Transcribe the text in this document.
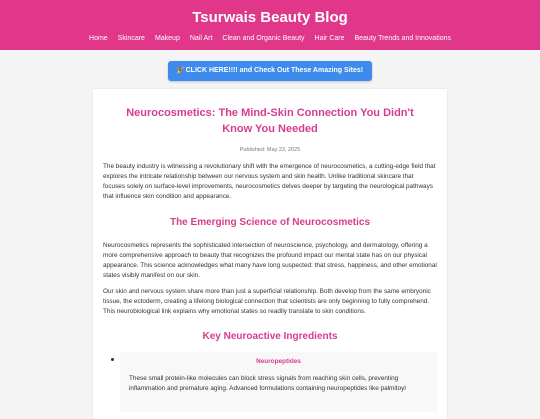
Tsurwais Beauty Blog
Home Skincare Makeup Nail Art Clean and Organic Beauty Hair Care Beauty Trends and Innovations
🎉CLICK HERE!!!! and Check Out These Amazing Sites!
Neurocosmetics: The Mind-Skin Connection You Didn't Know You Needed
Published: May 23, 2025

The beauty industry is witnessing a revolutionary shift with the emergence of neurocosmetics, a cutting-edge field that explores the intricate relationship between our nervous system and skin health. Unlike traditional skincare that focuses solely on surface-level improvements, neurocosmetics delves deeper by targeting the neurological pathways that influence skin condition and appearance.

The Emerging Science of Neurocosmetics

Neurocosmetics represents the sophisticated intersection of neuroscience, psychology, and dermatology, offering a more comprehensive approach to beauty that recognizes the profound impact our mental state has on our physical appearance. This science acknowledges what many have long suspected: that stress, happiness, and other emotional states visibly manifest on our skin.

Our skin and nervous system share more than just a superficial relationship. Both develop from the same embryonic tissue, the ectoderm, creating a lifelong biological connection that scientists are only beginning to fully comprehend. This neurobiological link explains why emotional states so readily translate to skin conditions.

Key Neuroactive Ingredients
Neuropeptides

These small protein-like molecules can block stress signals from reaching skin cells, preventing inflammation and premature aging. Advanced formulations containing neuropeptides like palmitoyl
